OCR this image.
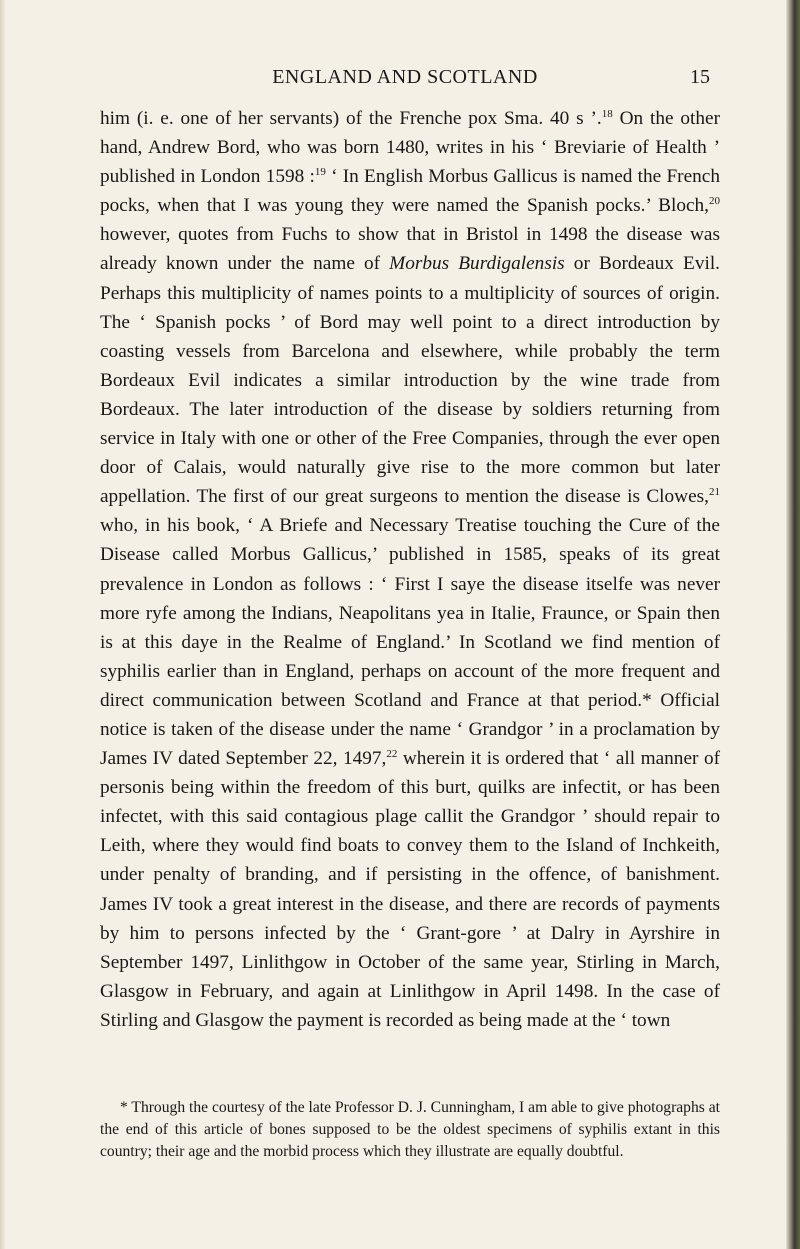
ENGLAND AND SCOTLAND	15

him (i. e. one of her servants) of the Frenche pox Sma. 40 s ’.$^{18}$ On the other hand, Andrew Bord, who was born 1480, writes in his ‘ Breviarie of Health ’ published in London 1598 :$^{19}$ ‘ In English Morbus Gallicus is named the French pocks, when that I was young they were named the Spanish pocks.’ Bloch,$^{20}$ however, quotes from Fuchs to show that in Bristol in 1498 the disease was already known under the name of Morbus Burdigalensis or Bordeaux Evil. Perhaps this multiplicity of names points to a multiplicity of sources of origin. The ‘ Spanish pocks ’ of Bord may well point to a direct introduction by coasting vessels from Barcelona and elsewhere, while probably the term Bordeaux Evil indicates a similar introduction by the wine trade from Bordeaux. The later introduction of the disease by soldiers returning from service in Italy with one or other of the Free Companies, through the ever open door of Calais, would naturally give rise to the more common but later appellation. The first of our great surgeons to mention the disease is Clowes,$^{21}$ who, in his book, ‘ A Briefe and Necessary Treatise touching the Cure of the Disease called Morbus Gallicus,’ published in 1585, speaks of its great prevalence in London as follows : ‘ First I saye the disease itselfe was never more ryfe among the Indians, Neapolitans yea in Italie, Fraunce, or Spain then is at this daye in the Realme of England.’ In Scotland we find mention of syphilis earlier than in England, perhaps on account of the more frequent and direct communication between Scotland and France at that period.* Official notice is taken of the disease under the name ‘ Grandgor ’ in a proclamation by James IV dated September 22, 1497,22 wherein it is ordered that ‘ all manner of personis being within the freedom of this burt, quilks are infectit, or has been infectet, with this said contagious plage callit the Grandgor ’ should repair to Leith, where they would find boats to convey them to the Island of Inchkeith, under penalty of branding, and if persisting in the offence, of banishment. James IV took a great interest in the disease, and there are records of payments by him to persons infected by the ‘ Grant-gore ’ at Dalry in Ayrshire in September 1497, Linlithgow in October of the same year, Stirling in March, Glasgow in February, and again at Linlithgow in April 1498. In the case of Stirling and Glasgow the payment is recorded as being made at the ‘ town

* Through the courtesy of the late Professor D. J. Cunningham, I am able to give photographs at the end of this article of bones supposed to be the oldest specimens of syphilis extant in this country; their age and the morbid process which they illustrate are equally doubtful.
